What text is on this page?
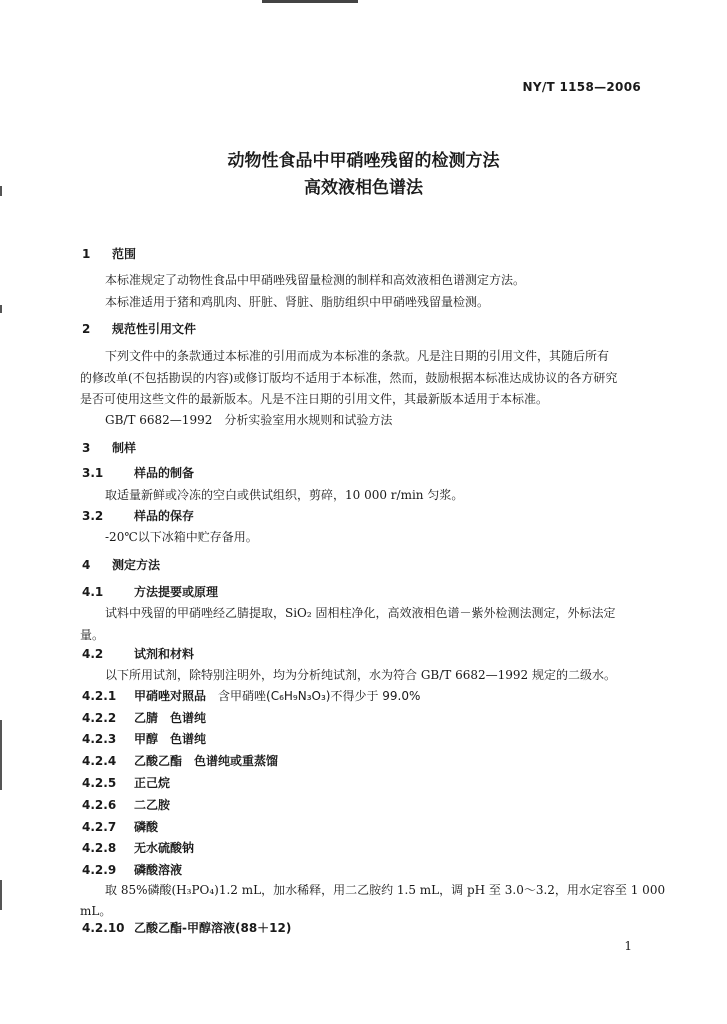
NY/T 1158—2006
动物性食品中甲硝唑残留的检测方法
高效液相色谱法
1 范围
本标准规定了动物性食品中甲硝唑残留量检测的制样和高效液相色谱测定方法。
本标准适用于猪和鸡肌肉、肝脏、肾脏、脂肪组织中甲硝唑残留量检测。
2 规范性引用文件
下列文件中的条款通过本标准的引用而成为本标准的条款。凡是注日期的引用文件，其随后所有
的修改单(不包括勘误的内容)或修订版均不适用于本标准，然而，鼓励根据本标准达成协议的各方研究
是否可使用这些文件的最新版本。凡是不注日期的引用文件，其最新版本适用于本标准。
GB/T 6682—1992　分析实验室用水规则和试验方法
3 制样
3.1	样品的制备
取适量新鲜或冷冻的空白或供试组织，剪碎，10 000 r/min 匀浆。
3.2	样品的保存
-20℃以下冰箱中贮存备用。
4 测定方法
4.1	方法提要或原理
试料中残留的甲硝唑经乙腈提取，SiO₂ 固相柱净化，高效液相色谱－紫外检测法测定，外标法定
量。
4.2	试剂和材料
以下所用试剂，除特别注明外，均为分析纯试剂，水为符合 GB/T 6682—1992 规定的二级水。
4.2.1 甲硝唑对照品 含甲硝唑(C₆H₉N₃O₃)不得少于 99.0%
4.2.2 乙腈 色谱纯
4.2.3 甲醇 色谱纯
4.2.4 乙酸乙酯 色谱纯或重蒸馏
4.2.5 正己烷
4.2.6 二乙胺
4.2.7 磷酸
4.2.8 无水硫酸钠
4.2.9 磷酸溶液
取 85%磷酸(H₃PO₄)1.2 mL，加水稀释，用二乙胺约 1.5 mL，调 pH 至 3.0～3.2，用水定容至 1 000
mL。
4.2.10 乙酸乙酯-甲醇溶液(88＋12)
1
